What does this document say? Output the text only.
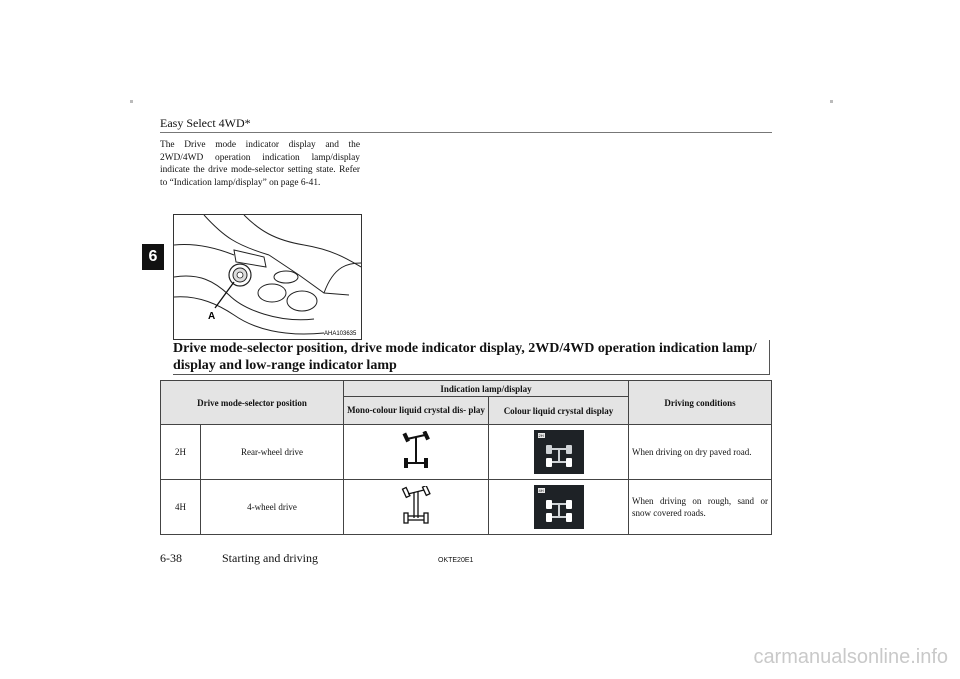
Easy Select 4WD*
6
The Drive mode indicator display and the 2WD/4WD operation indication lamp/display indicate the drive mode-selector setting state. Refer to “Indication lamp/display” on page 6-41.
A
AHA103635
Drive mode-selector position, drive mode indicator display, 2WD/4WD operation indication lamp/ display and low-range indicator lamp
Drive mode-selector position		Indication lamp/display		Driving conditions
		Mono-colour liquid crystal dis- play	Colour liquid crystal display	
2H	Rear-wheel drive		2H	When driving on dry paved road.
4H	4-wheel drive		4H	When driving on rough, sand or snow covered roads.
6-38	Starting and driving	OKTE20E1
carmanualsonline.info
